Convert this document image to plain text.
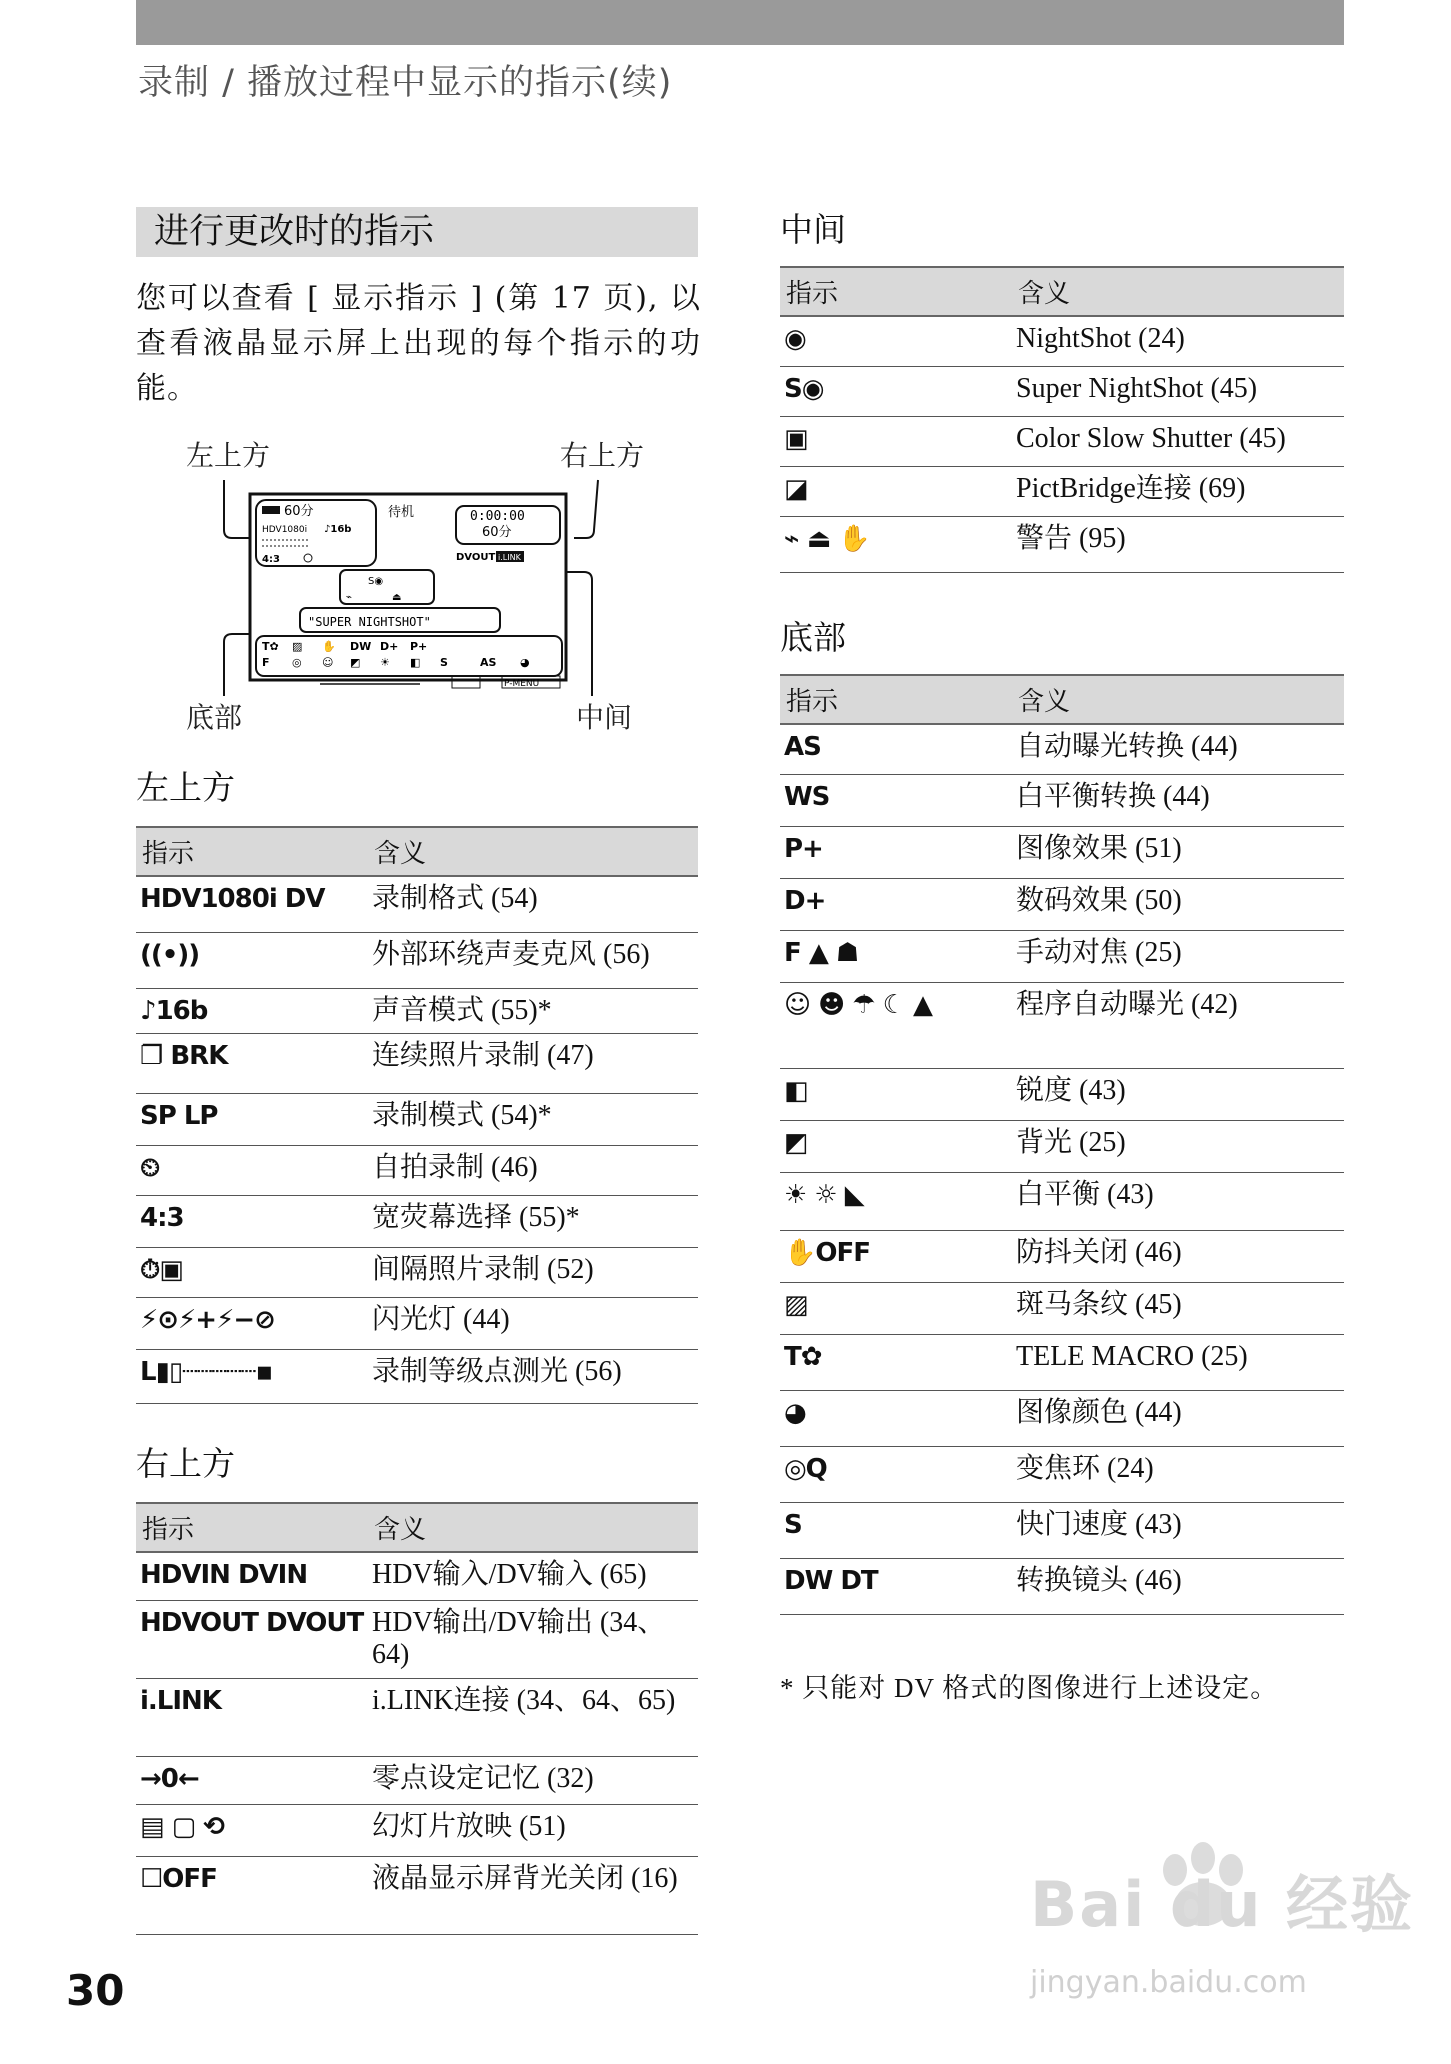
录制 / 播放过程中显示的指示(续)
进行更改时的指示
您可以查看 [ 显示指示 ] (第 17 页), 以查看液晶显示屏上出现的每个指示的功能。
左上方	右上方
底部	中间
60分
HDV1080i ♪16b
4:3
待机	0:00:00
60分
DVOUT i.LINK
S◉
⌁	⏏
"SUPER NIGHTSHOT"
T✿ ▨ ✋ DW D+ P+
F ◎ ☺ ◩ ☀ ◧ S	AS ◕
P-MENU
左上方
指示	含义
HDV1080i DV	录制格式 (54)
((•))	外部环绕声麦克风 (56)
♪16b	声音模式 (55)*
❐ BRK	连续照片录制 (47)
SP LP	录制模式 (54)*
⏲	自拍录制 (46)
4:3	宽荧幕选择 (55)*
⏱▣	间隔照片录制 (52)
⚡⊙⚡+⚡−⊘	闪光灯 (44)
L▮▯┈┈┈┈┈▪	录制等级点测光 (56)
右上方
指示	含义
HDVIN DVIN	HDV输入/DV输入 (65)
HDVOUT DVOUT	HDV输出/DV输出 (34、64)
i.LINK	i.LINK连接 (34、64、65)
→0←	零点设定记忆 (32)
▤ ▢ ⟲	幻灯片放映 (51)
☐OFF	液晶显示屏背光关闭 (16)
中间
指示	含义
◉	NightShot (24)
S◉	Super NightShot (45)
▣	Color Slow Shutter (45)
◪	PictBridge连接 (69)
⌁ ⏏ ✋	警告 (95)
底部
指示	含义
AS	自动曝光转换 (44)
WS	白平衡转换 (44)
P+	图像效果 (51)
D+	数码效果 (50)
F ▲ ☗	手动对焦 (25)
☺ ☻ ☂ ☾ ▲	程序自动曝光 (42)
◧	锐度 (43)
◩	背光 (25)
☀ ☼ ◣	白平衡 (43)
✋OFF	防抖关闭 (46)
▨	斑马条纹 (45)
T✿	TELE MACRO (25)
◕	图像颜色 (44)
◎Q	变焦环 (24)
S	快门速度 (43)
DW DT	转换镜头 (46)
* 只能对 DV 格式的图像进行上述设定。
30
Bai du 经验
jingyan.baidu.com
